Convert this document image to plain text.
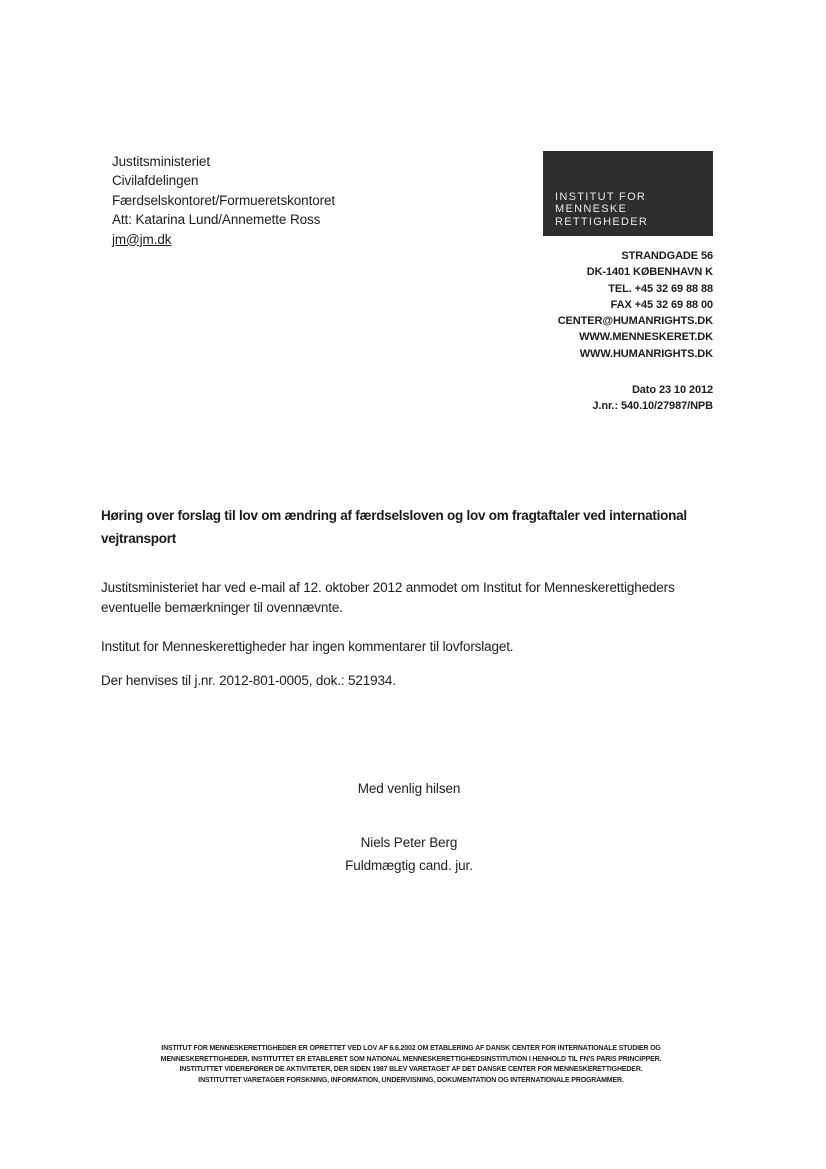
Justitsministeriet
Civilafdelingen
Færdselskontoret/Formueretskontoret
Att: Katarina Lund/Annemette Ross
jm@jm.dk
INSTITUT FOR
MENNESKE
RETTIGHEDER
STRANDGADE 56
DK-1401 KØBENHAVN K
TEL. +45 32 69 88 88
FAX +45 32 69 88 00
CENTER@HUMANRIGHTS.DK
WWW.MENNESKERET.DK
WWW.HUMANRIGHTS.DK
Dato 23 10 2012
J.nr.: 540.10/27987/NPB
Høring over forslag til lov om ændring af færdselsloven og lov om fragtaftaler ved international
vejtransport

Justitsministeriet har ved e-mail af 12. oktober 2012 anmodet om Institut for Menneskerettigheders
eventuelle bemærkninger til ovennævnte.

Institut for Menneskerettigheder har ingen kommentarer til lovforslaget.

Der henvises til j.nr. 2012-801-0005, dok.: 521934.

Med venlig hilsen
Niels Peter Berg
Fuldmægtig cand. jur.
INSTITUT FOR MENNESKERETTIGHEDER ER OPRETTET VED LOV AF 6.6.2002 OM ETABLERING AF DANSK CENTER FOR INTERNATIONALE STUDIER OG
MENNESKERETTIGHEDER. INSTITUTTET ER ETABLERET SOM NATIONAL MENNESKERETTIGHEDSINSTITUTION I HENHOLD TIL FN'S PARIS PRINCIPPER.
INSTITUTTET VIDEREFØRER DE AKTIVITETER, DER SIDEN 1987 BLEV VARETAGET AF DET DANSKE CENTER FOR MENNESKERETTIGHEDER.
INSTITUTTET VARETAGER FORSKNING, INFORMATION, UNDERVISNING, DOKUMENTATION OG INTERNATIONALE PROGRAMMER.
